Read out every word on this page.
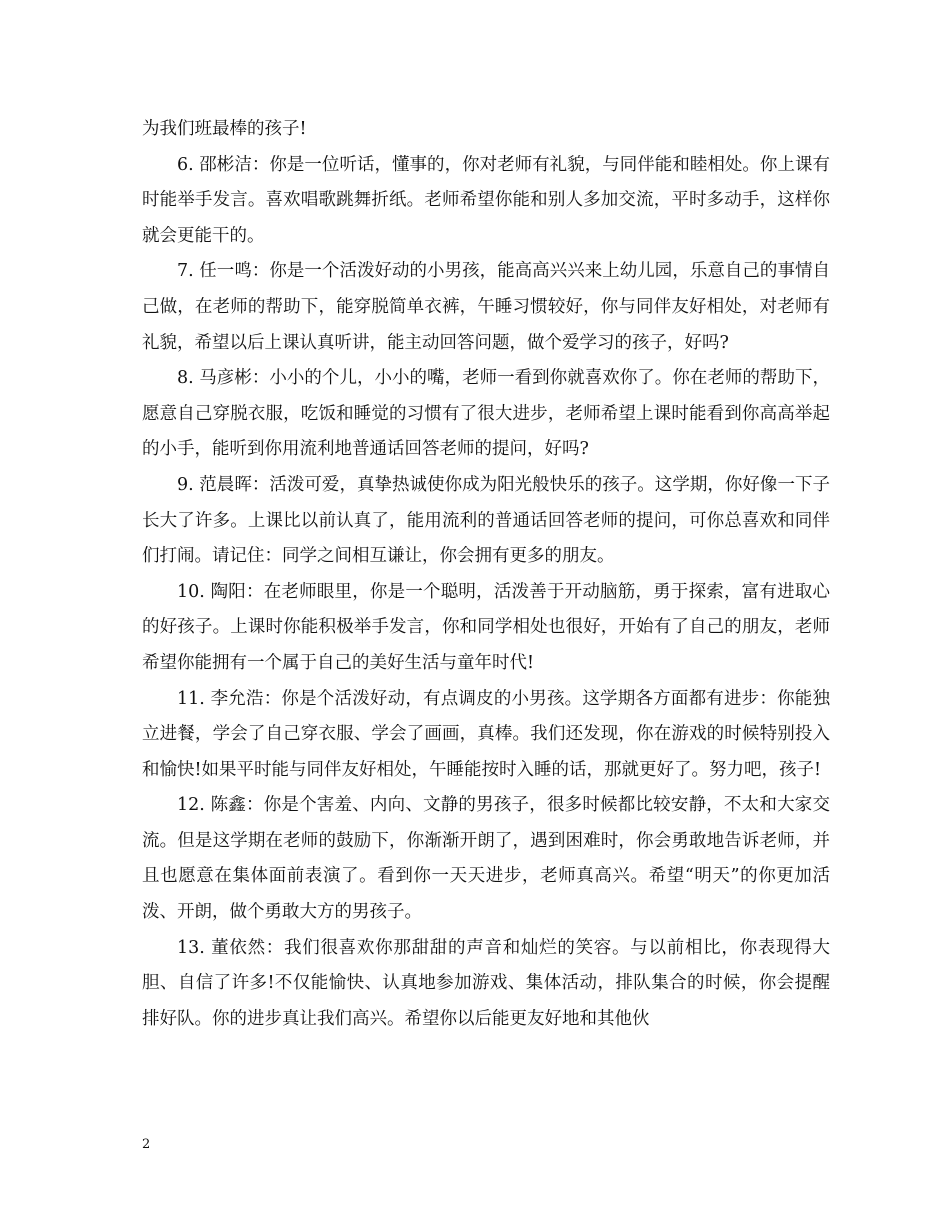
为我们班最棒的孩子!

6. 邵彬洁：你是一位听话，懂事的，你对老师有礼貌，与同伴能和睦相处。你上课有时能举手发言。喜欢唱歌跳舞折纸。老师希望你能和别人多加交流，平时多动手，这样你就会更能干的。

7. 任一鸣：你是一个活泼好动的小男孩，能高高兴兴来上幼儿园，乐意自己的事情自己做，在老师的帮助下，能穿脱简单衣裤，午睡习惯较好，你与同伴友好相处，对老师有礼貌，希望以后上课认真听讲，能主动回答问题，做个爱学习的孩子，好吗?

8. 马彦彬：小小的个儿，小小的嘴，老师一看到你就喜欢你了。你在老师的帮助下，愿意自己穿脱衣服，吃饭和睡觉的习惯有了很大进步，老师希望上课时能看到你高高举起的小手，能听到你用流利地普通话回答老师的提问，好吗?

9. 范晨晖：活泼可爱，真挚热诚使你成为阳光般快乐的孩子。这学期，你好像一下子长大了许多。上课比以前认真了，能用流利的普通话回答老师的提问，可你总喜欢和同伴们打闹。请记住：同学之间相互谦让，你会拥有更多的朋友。

10. 陶阳：在老师眼里，你是一个聪明，活泼善于开动脑筋，勇于探索，富有进取心的好孩子。上课时你能积极举手发言，你和同学相处也很好，开始有了自己的朋友，老师希望你能拥有一个属于自己的美好生活与童年时代!

11. 李允浩：你是个活泼好动，有点调皮的小男孩。这学期各方面都有进步：你能独立进餐，学会了自己穿衣服、学会了画画，真棒。我们还发现，你在游戏的时候特别投入和愉快!如果平时能与同伴友好相处，午睡能按时入睡的话，那就更好了。努力吧，孩子!

12. 陈鑫：你是个害羞、内向、文静的男孩子，很多时候都比较安静，不太和大家交流。但是这学期在老师的鼓励下，你渐渐开朗了，遇到困难时，你会勇敢地告诉老师，并且也愿意在集体面前表演了。看到你一天天进步，老师真高兴。希望“明天”的你更加活泼、开朗，做个勇敢大方的男孩子。

13. 董依然：我们很喜欢你那甜甜的声音和灿烂的笑容。与以前相比，你表现得大胆、自信了许多!不仅能愉快、认真地参加游戏、集体活动，排队集合的时候，你会提醒排好队。你的进步真让我们高兴。希望你以后能更友好地和其他伙

2
